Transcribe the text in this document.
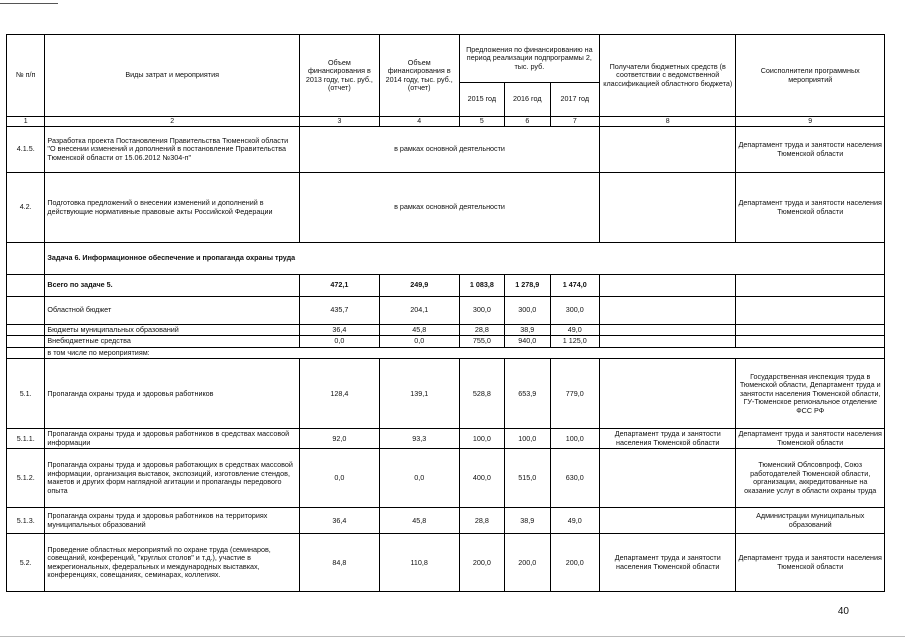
№ п/п	Виды затрат и мероприятия	Объем финансирования в 2013 году, тыс. руб., (отчет)	Объем финансирования в 2014 году, тыс. руб., (отчет)	Предложения по финансированию на период реализации подпрограммы 2, тыс. руб.			Получатели бюджетных средств (в соответствии с ведомственной классификацией областного бюджета)	Соисполнители программных мероприятий
				2015 год	2016 год	2017 год		
1	2	3	4	5	6	7	8	9
4.1.5.	Разработка проекта Постановления Правительства Тюменской области "О внесении изменений и дополнений в постановление Правительства Тюменской области от 15.06.2012 №304-п"	в рамках основной деятельности						Департамент труда и занятости населения Тюменской области
4.2.	Подготовка предложений о внесении изменений и дополнений в действующие нормативные правовые акты Российской Федерации	в рамках основной деятельности						Департамент труда и занятости населения Тюменской области
	Задача 6. Информационное обеспечение и пропаганда охраны труда							
	Всего по задаче 5.	472,1	249,9	1 083,8	1 278,9	1 474,0		
	Областной бюджет	435,7	204,1	300,0	300,0	300,0		
	Бюджеты муниципальных образований	36,4	45,8	28,8	38,9	49,0		
	Внебюджетные средства	0,0	0,0	755,0	940,0	1 125,0		
	в том числе по мероприятиям:							
5.1.	Пропаганда охраны труда и здоровья работников	128,4	139,1	528,8	653,9	779,0		Государственная инспекция труда в Тюменской области, Департамент труда и занятости населения Тюменской области, ГУ-Тюменское региональное отделение ФСС РФ
5.1.1.	Пропаганда охраны труда и здоровья работников в средствах массовой информации	92,0	93,3	100,0	100,0	100,0	Департамент труда и занятости населения Тюменской области	Департамент труда и занятости населения Тюменской области
5.1.2.	Пропаганда охраны труда и здоровья работающих в средствах массовой информации, организация выставок, экспозиций, изготовление стендов, макетов и других форм наглядной агитации и пропаганды передового опыта	0,0	0,0	400,0	515,0	630,0		Тюменский Облсовпроф, Союз работодателей Тюменской области, организации, аккредитованные на оказание услуг в области охраны труда
5.1.3.	Пропаганда охраны труда и здоровья работников на территориях муниципальных образований	36,4	45,8	28,8	38,9	49,0		Администрации муниципальных образований
5.2.	Проведение областных мероприятий по охране труда (семинаров, совещаний, конференций, "круглых столов" и т.д.), участие в межрегиональных, федеральных и международных выставках, конференциях, совещаниях, семинарах, коллегиях.	84,8	110,8	200,0	200,0	200,0	Департамент труда и занятости населения Тюменской области	Департамент труда и занятости населения Тюменской области
40
